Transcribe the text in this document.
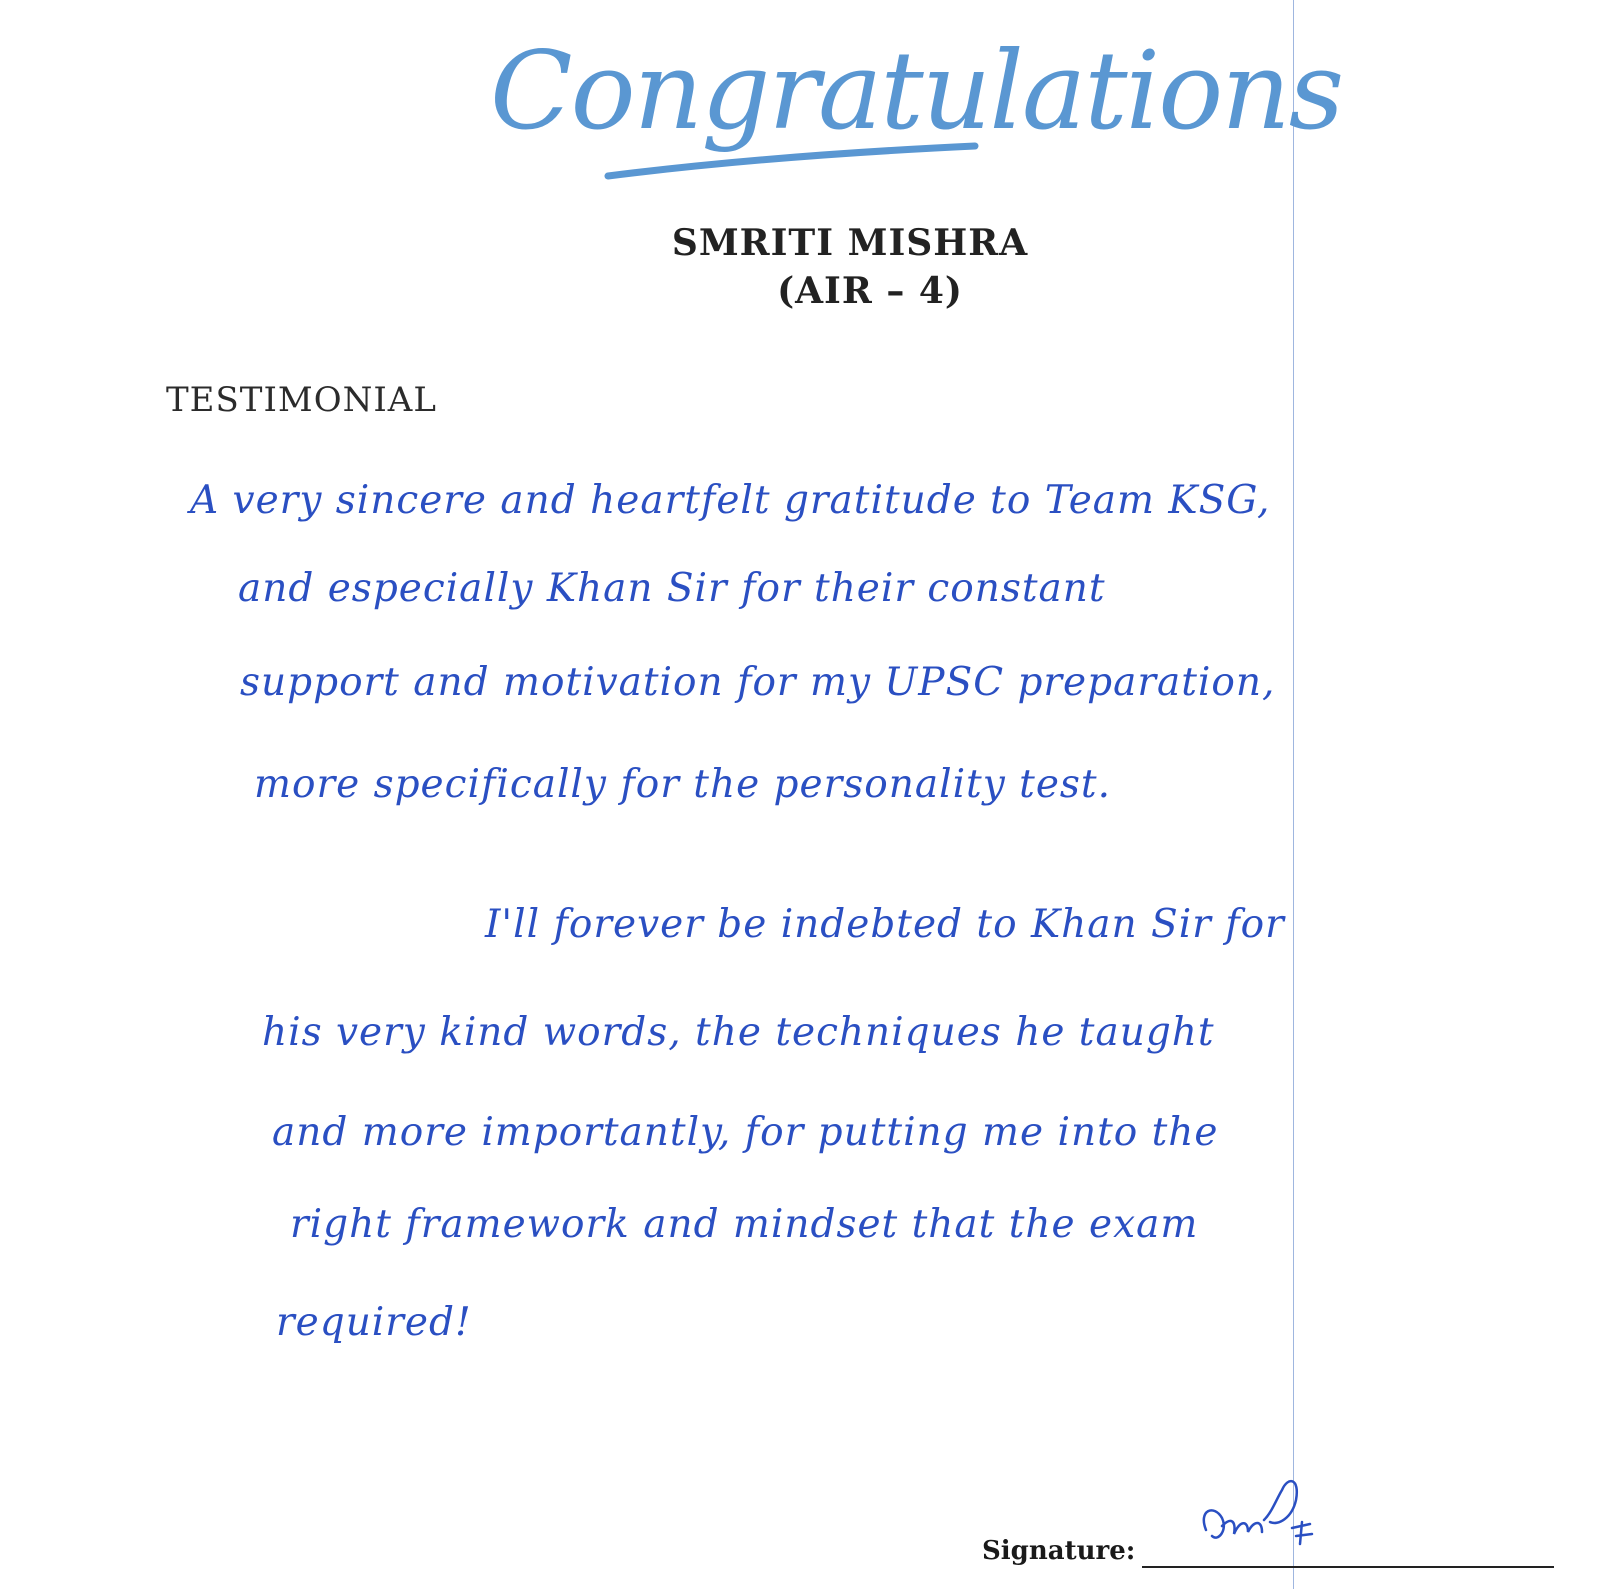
Congratulations
SMRITI MISHRA
(AIR – 4)
TESTIMONIAL
A very sincere and heartfelt gratitude to Team KSG,
and especially Khan Sir for their constant
support and motivation for my UPSC preparation,
more specifically for the personality test.
I'll forever be indebted to Khan Sir for
his very kind words, the techniques he taught
and more importantly, for putting me into the
right framework and mindset that the exam
required!
Signature:
